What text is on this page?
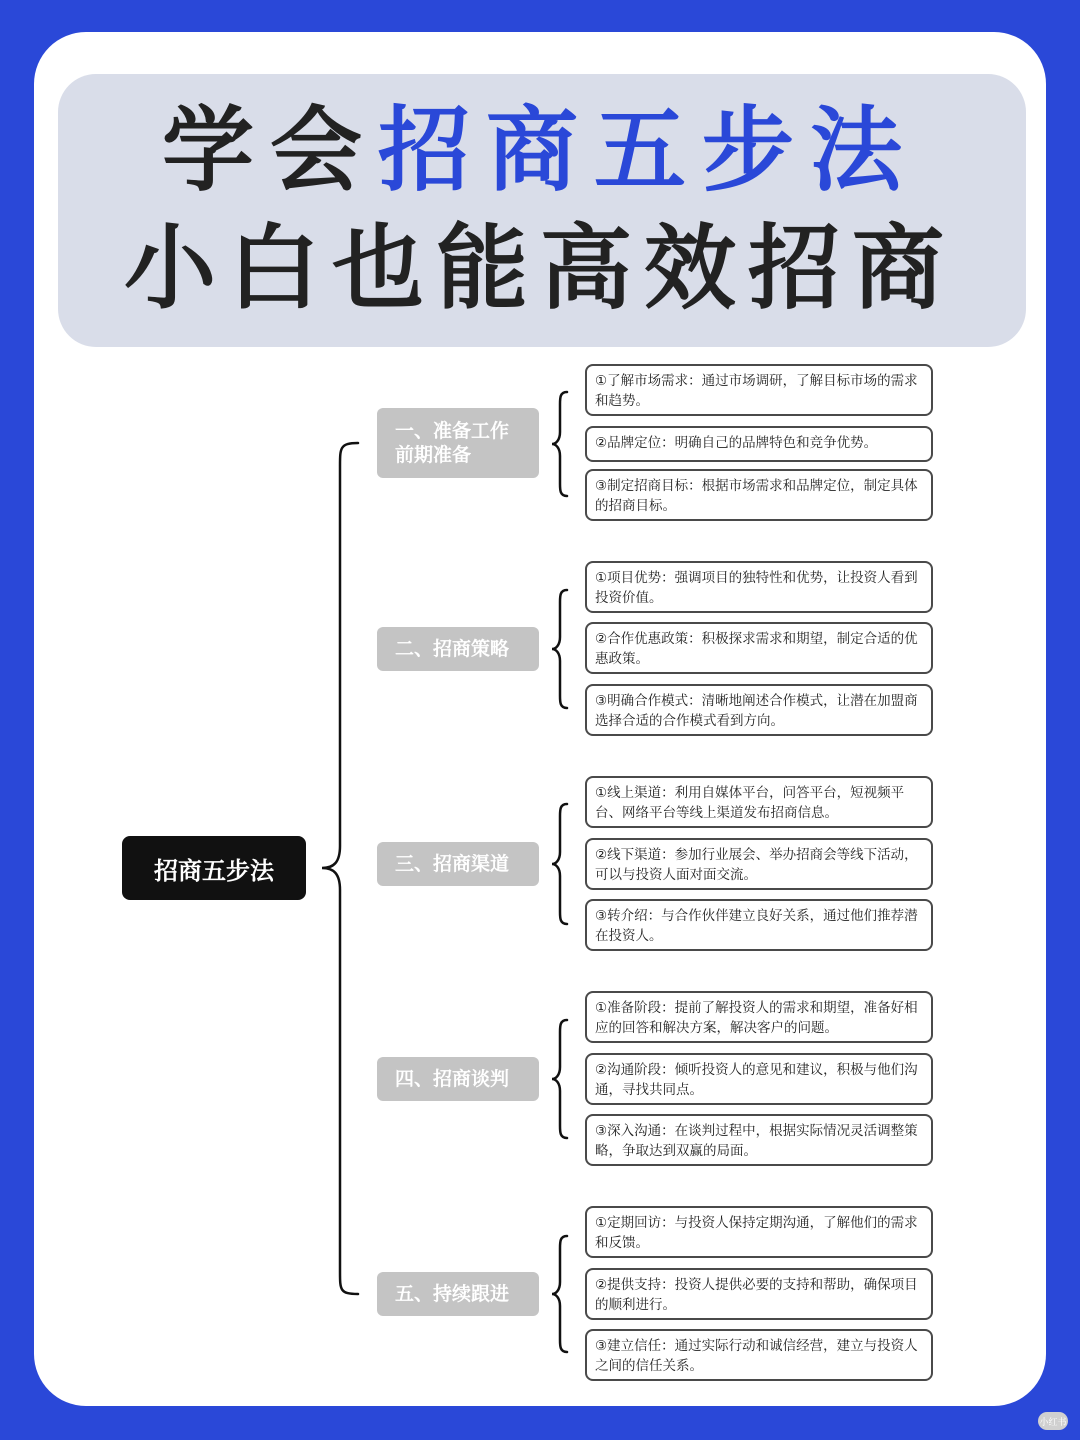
学会招商五步法
小白也能高效招商
招商五步法
一、准备工作
前期准备
①了解市场需求：通过市场调研，了解目标市场的需求和趋势。
②品牌定位：明确自己的品牌特色和竞争优势。
③制定招商目标：根据市场需求和品牌定位，制定具体的招商目标。
二、招商策略
①项目优势：强调项目的独特性和优势，让投资人看到投资价值。
②合作优惠政策：积极探求需求和期望，制定合适的优惠政策。
③明确合作模式：清晰地阐述合作模式，让潜在加盟商选择合适的合作模式看到方向。
三、招商渠道
①线上渠道：利用自媒体平台，问答平台，短视频平台、网络平台等线上渠道发布招商信息。
②线下渠道：参加行业展会、举办招商会等线下活动，可以与投资人面对面交流。
③转介绍：与合作伙伴建立良好关系，通过他们推荐潜在投资人。
四、招商谈判
①准备阶段：提前了解投资人的需求和期望，准备好相应的回答和解决方案，解决客户的问题。
②沟通阶段：倾听投资人的意见和建议，积极与他们沟通，寻找共同点。
③深入沟通：在谈判过程中，根据实际情况灵活调整策略，争取达到双赢的局面。
五、持续跟进
①定期回访：与投资人保持定期沟通，了解他们的需求和反馈。
②提供支持：投资人提供必要的支持和帮助，确保项目的顺利进行。
③建立信任：通过实际行动和诚信经营，建立与投资人之间的信任关系。
小红书
